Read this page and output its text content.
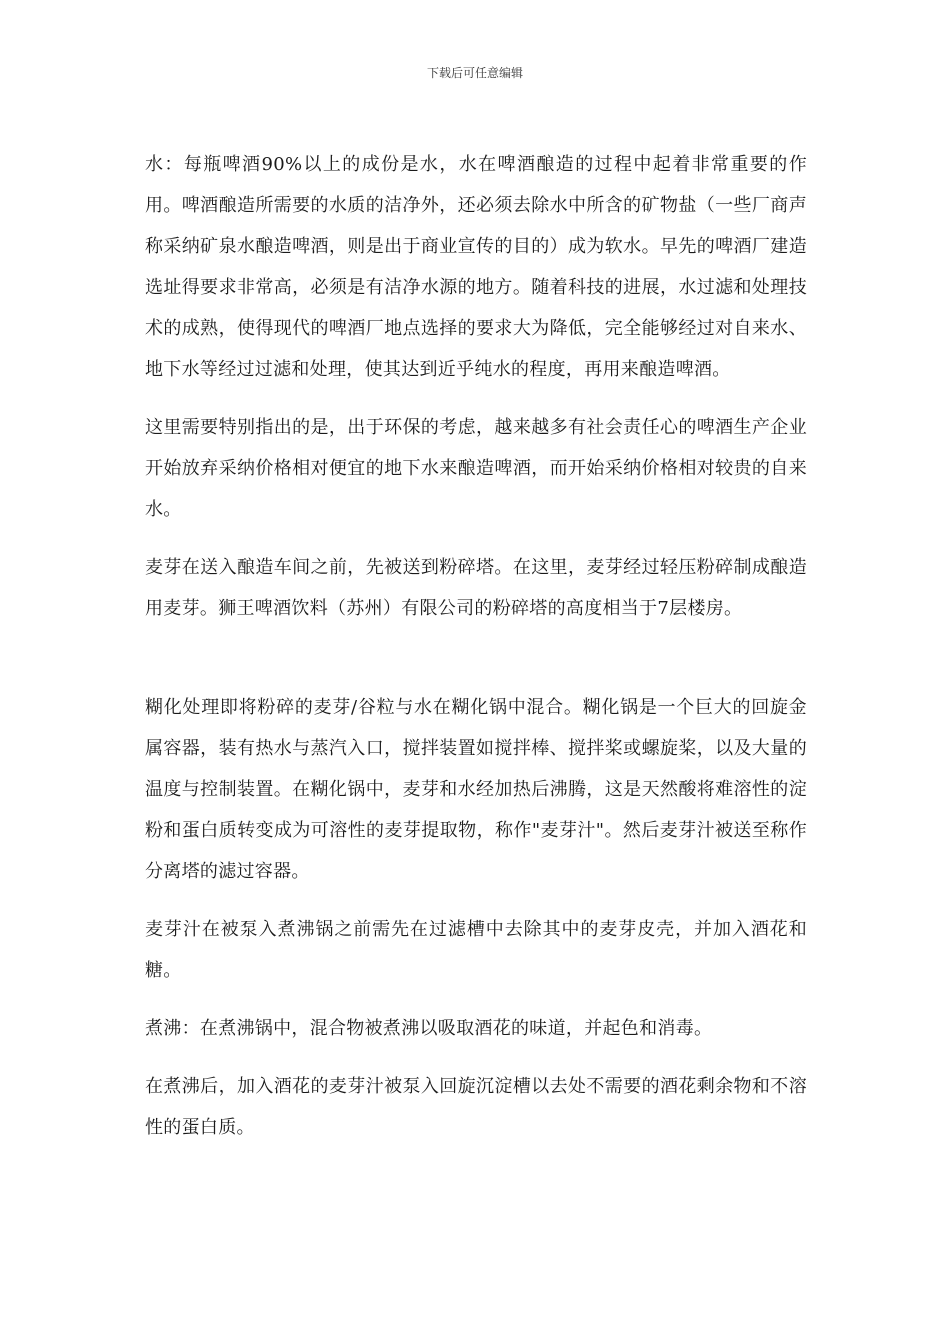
下载后可任意编辑

水：每瓶啤酒90%以上的成份是水，水在啤酒酿造的过程中起着非常重要的作用。啤酒酿造所需要的水质的洁净外，还必须去除水中所含的矿物盐（一些厂商声称采纳矿泉水酿造啤酒，则是出于商业宣传的目的）成为软水。早先的啤酒厂建造选址得要求非常高，必须是有洁净水源的地方。随着科技的进展，水过滤和处理技术的成熟，使得现代的啤酒厂地点选择的要求大为降低，完全能够经过对自来水、地下水等经过过滤和处理，使其达到近乎纯水的程度，再用来酿造啤酒。

这里需要特别指出的是，出于环保的考虑，越来越多有社会责任心的啤酒生产企业开始放弃采纳价格相对便宜的地下水来酿造啤酒，而开始采纳价格相对较贵的自来水。

麦芽在送入酿造车间之前，先被送到粉碎塔。在这里，麦芽经过轻压粉碎制成酿造用麦芽。狮王啤酒饮料（苏州）有限公司的粉碎塔的高度相当于7层楼房。

糊化处理即将粉碎的麦芽/谷粒与水在糊化锅中混合。糊化锅是一个巨大的回旋金属容器，装有热水与蒸汽入口，搅拌装置如搅拌棒、搅拌桨或螺旋桨，以及大量的温度与控制装置。在糊化锅中，麦芽和水经加热后沸腾，这是天然酸将难溶性的淀粉和蛋白质转变成为可溶性的麦芽提取物，称作"麦芽汁"。然后麦芽汁被送至称作分离塔的滤过容器。

麦芽汁在被泵入煮沸锅之前需先在过滤槽中去除其中的麦芽皮壳，并加入酒花和糖。

煮沸：在煮沸锅中，混合物被煮沸以吸取酒花的味道，并起色和消毒。

在煮沸后，加入酒花的麦芽汁被泵入回旋沉淀槽以去处不需要的酒花剩余物和不溶性的蛋白质。
